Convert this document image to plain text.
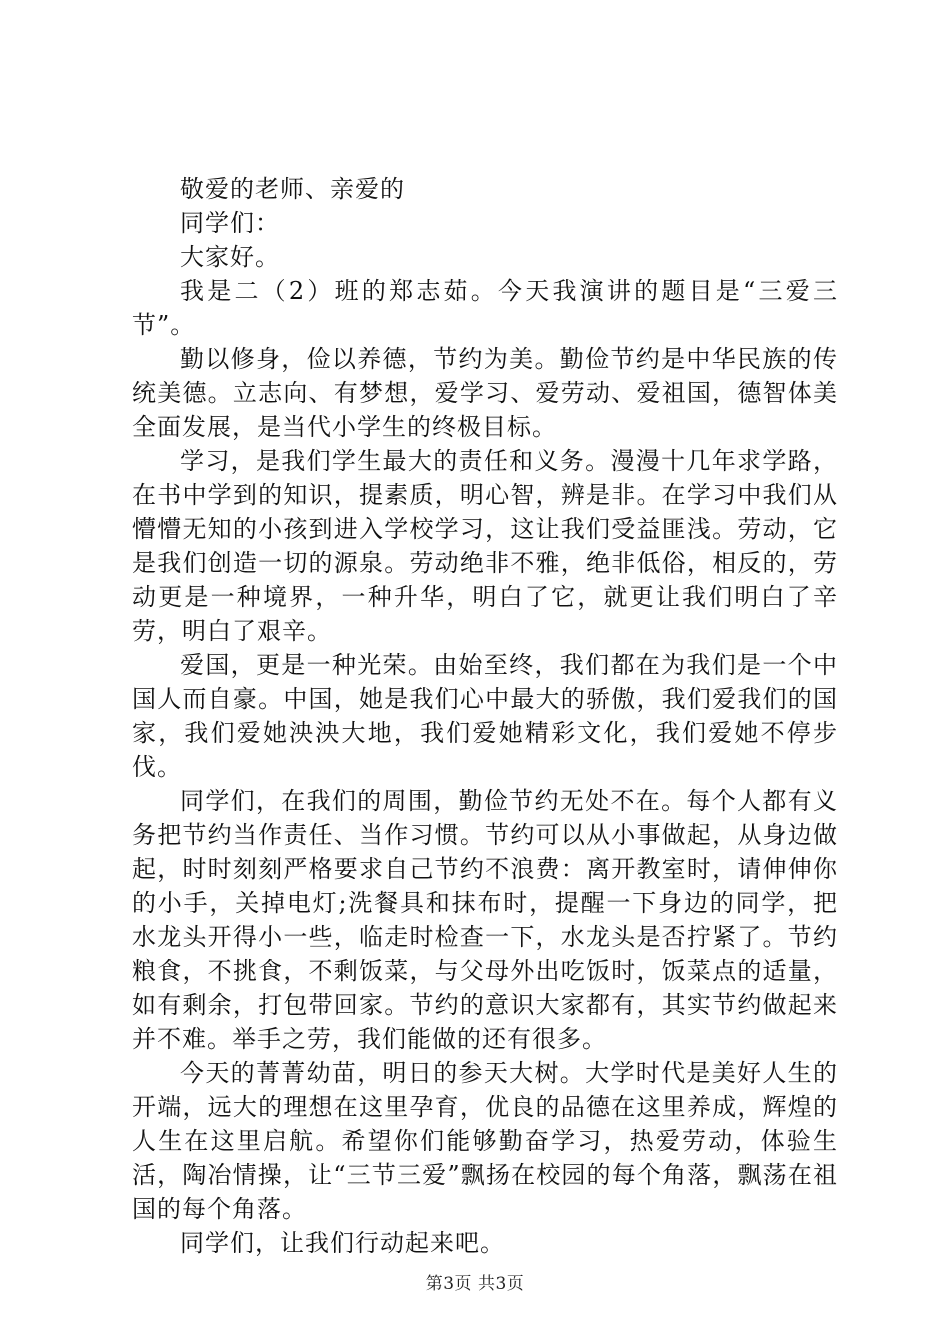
敬爱的老师、亲爱的
同学们：
大家好。

我是二（2）班的郑志茹。今天我演讲的题目是“三爱三节”。

勤以修身，俭以养德，节约为美。勤俭节约是中华民族的传统美德。立志向、有梦想，爱学习、爱劳动、爱祖国，德智体美全面发展，是当代小学生的终极目标。

学习，是我们学生最大的责任和义务。漫漫十几年求学路，在书中学到的知识，提素质，明心智，辨是非。在学习中我们从懵懵无知的小孩到进入学校学习，这让我们受益匪浅。劳动，它是我们创造一切的源泉。劳动绝非不雅，绝非低俗，相反的，劳动更是一种境界，一种升华，明白了它，就更让我们明白了辛劳，明白了艰辛。

爱国，更是一种光荣。由始至终，我们都在为我们是一个中国人而自豪。中国，她是我们心中最大的骄傲，我们爱我们的国家，我们爱她泱泱大地，我们爱她精彩文化，我们爱她不停步伐。

同学们，在我们的周围，勤俭节约无处不在。每个人都有义务把节约当作责任、当作习惯。节约可以从小事做起，从身边做起，时时刻刻严格要求自己节约不浪费：离开教室时，请伸伸你的小手，关掉电灯;洗餐具和抹布时，提醒一下身边的同学，把水龙头开得小一些，临走时检查一下，水龙头是否拧紧了。节约粮食，不挑食，不剩饭菜，与父母外出吃饭时，饭菜点的适量，如有剩余，打包带回家。节约的意识大家都有，其实节约做起来并不难。举手之劳，我们能做的还有很多。

今天的菁菁幼苗，明日的参天大树。大学时代是美好人生的开端，远大的理想在这里孕育，优良的品德在这里养成，辉煌的人生在这里启航。希望你们能够勤奋学习，热爱劳动，体验生活，陶冶情操，让“三节三爱”飘扬在校园的每个角落，飘荡在祖国的每个角落。

同学们，让我们行动起来吧。

第3页 共3页
